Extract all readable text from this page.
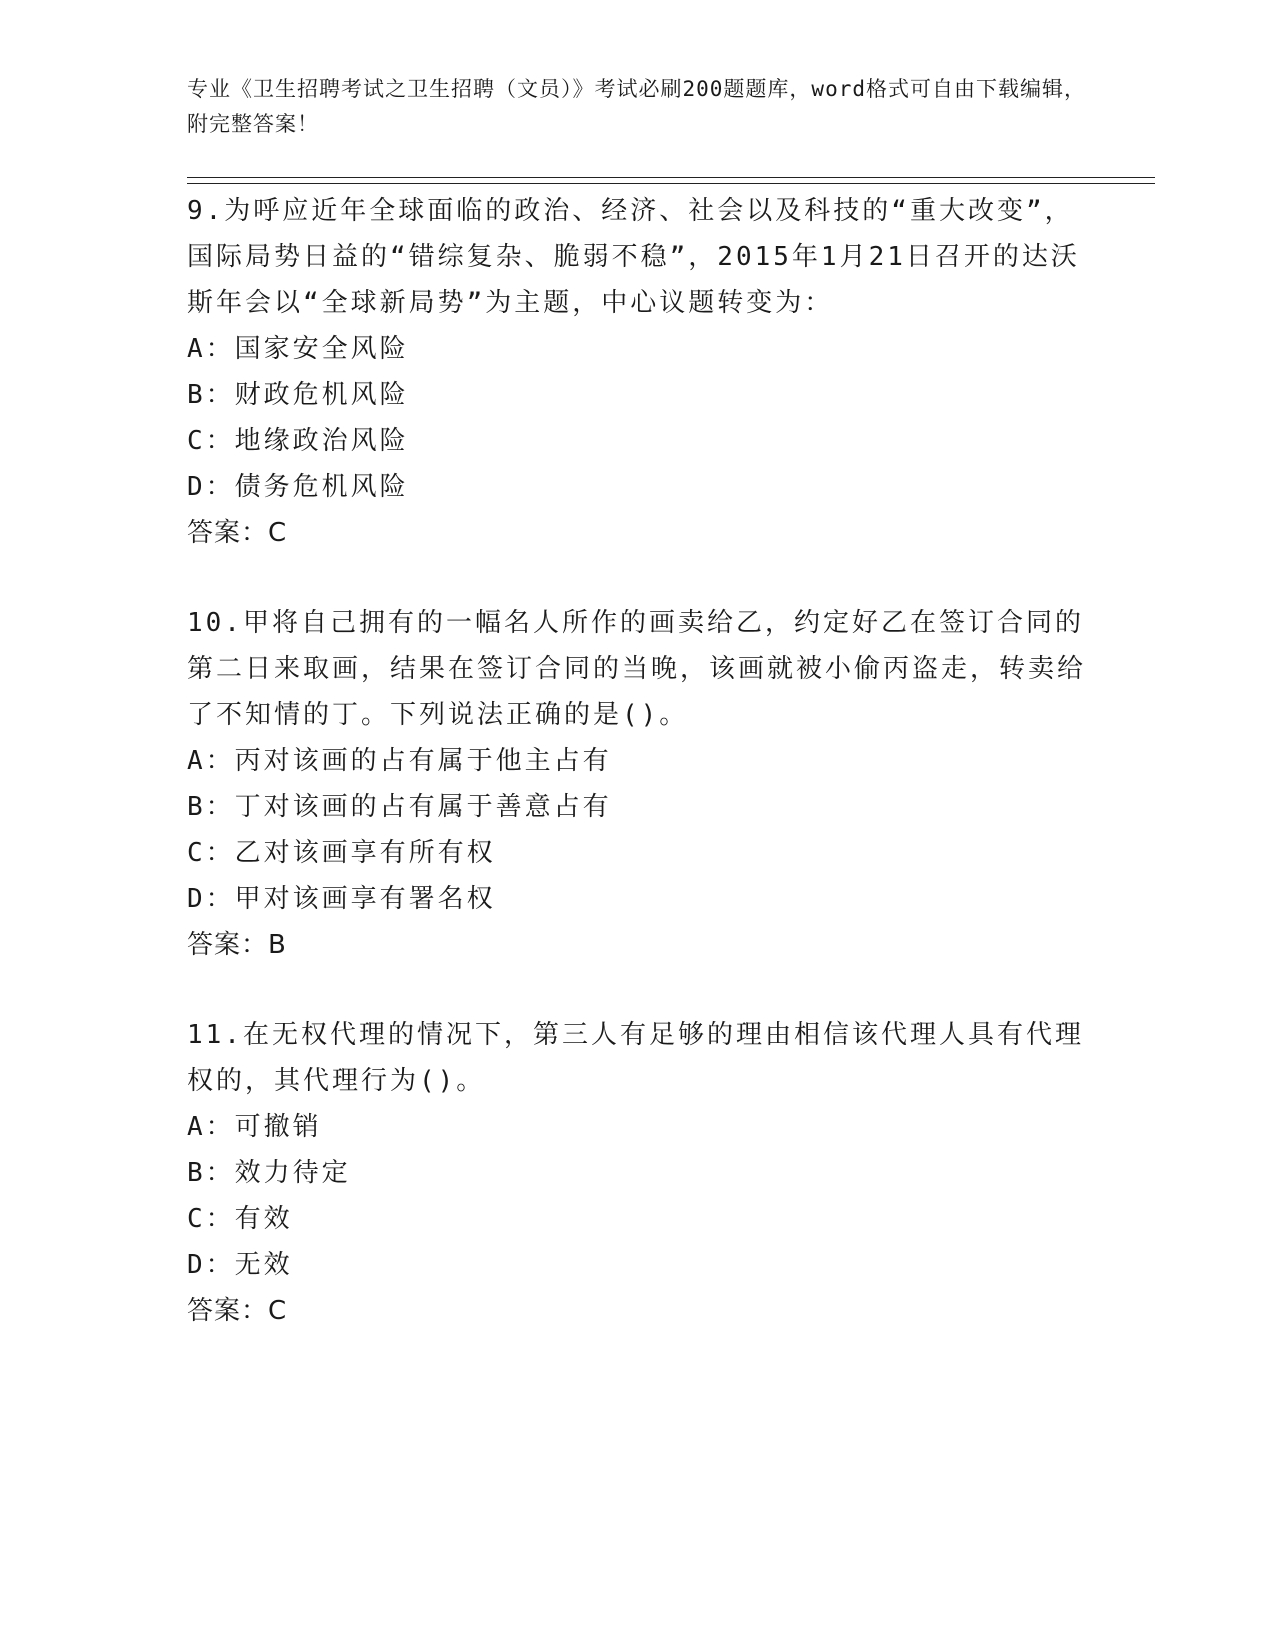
专业《卫生招聘考试之卫生招聘（文员）》考试必刷200题题库，word格式可自由下载编辑，附完整答案！
9.为呼应近年全球面临的政治、经济、社会以及科技的“重大改变”，国际局势日益的“错综复杂、脆弱不稳”，2015年1月21日召开的达沃斯年会以“全球新局势”为主题，中心议题转变为：
A：国家安全风险
B：财政危机风险
C：地缘政治风险
D：债务危机风险
答案：C
10.甲将自己拥有的一幅名人所作的画卖给乙，约定好乙在签订合同的第二日来取画，结果在签订合同的当晚，该画就被小偷丙盗走，转卖给了不知情的丁。下列说法正确的是()。
A：丙对该画的占有属于他主占有
B：丁对该画的占有属于善意占有
C：乙对该画享有所有权
D：甲对该画享有署名权
答案：B
11.在无权代理的情况下，第三人有足够的理由相信该代理人具有代理权的，其代理行为()。
A：可撤销
B：效力待定
C：有效
D：无效
答案：C
